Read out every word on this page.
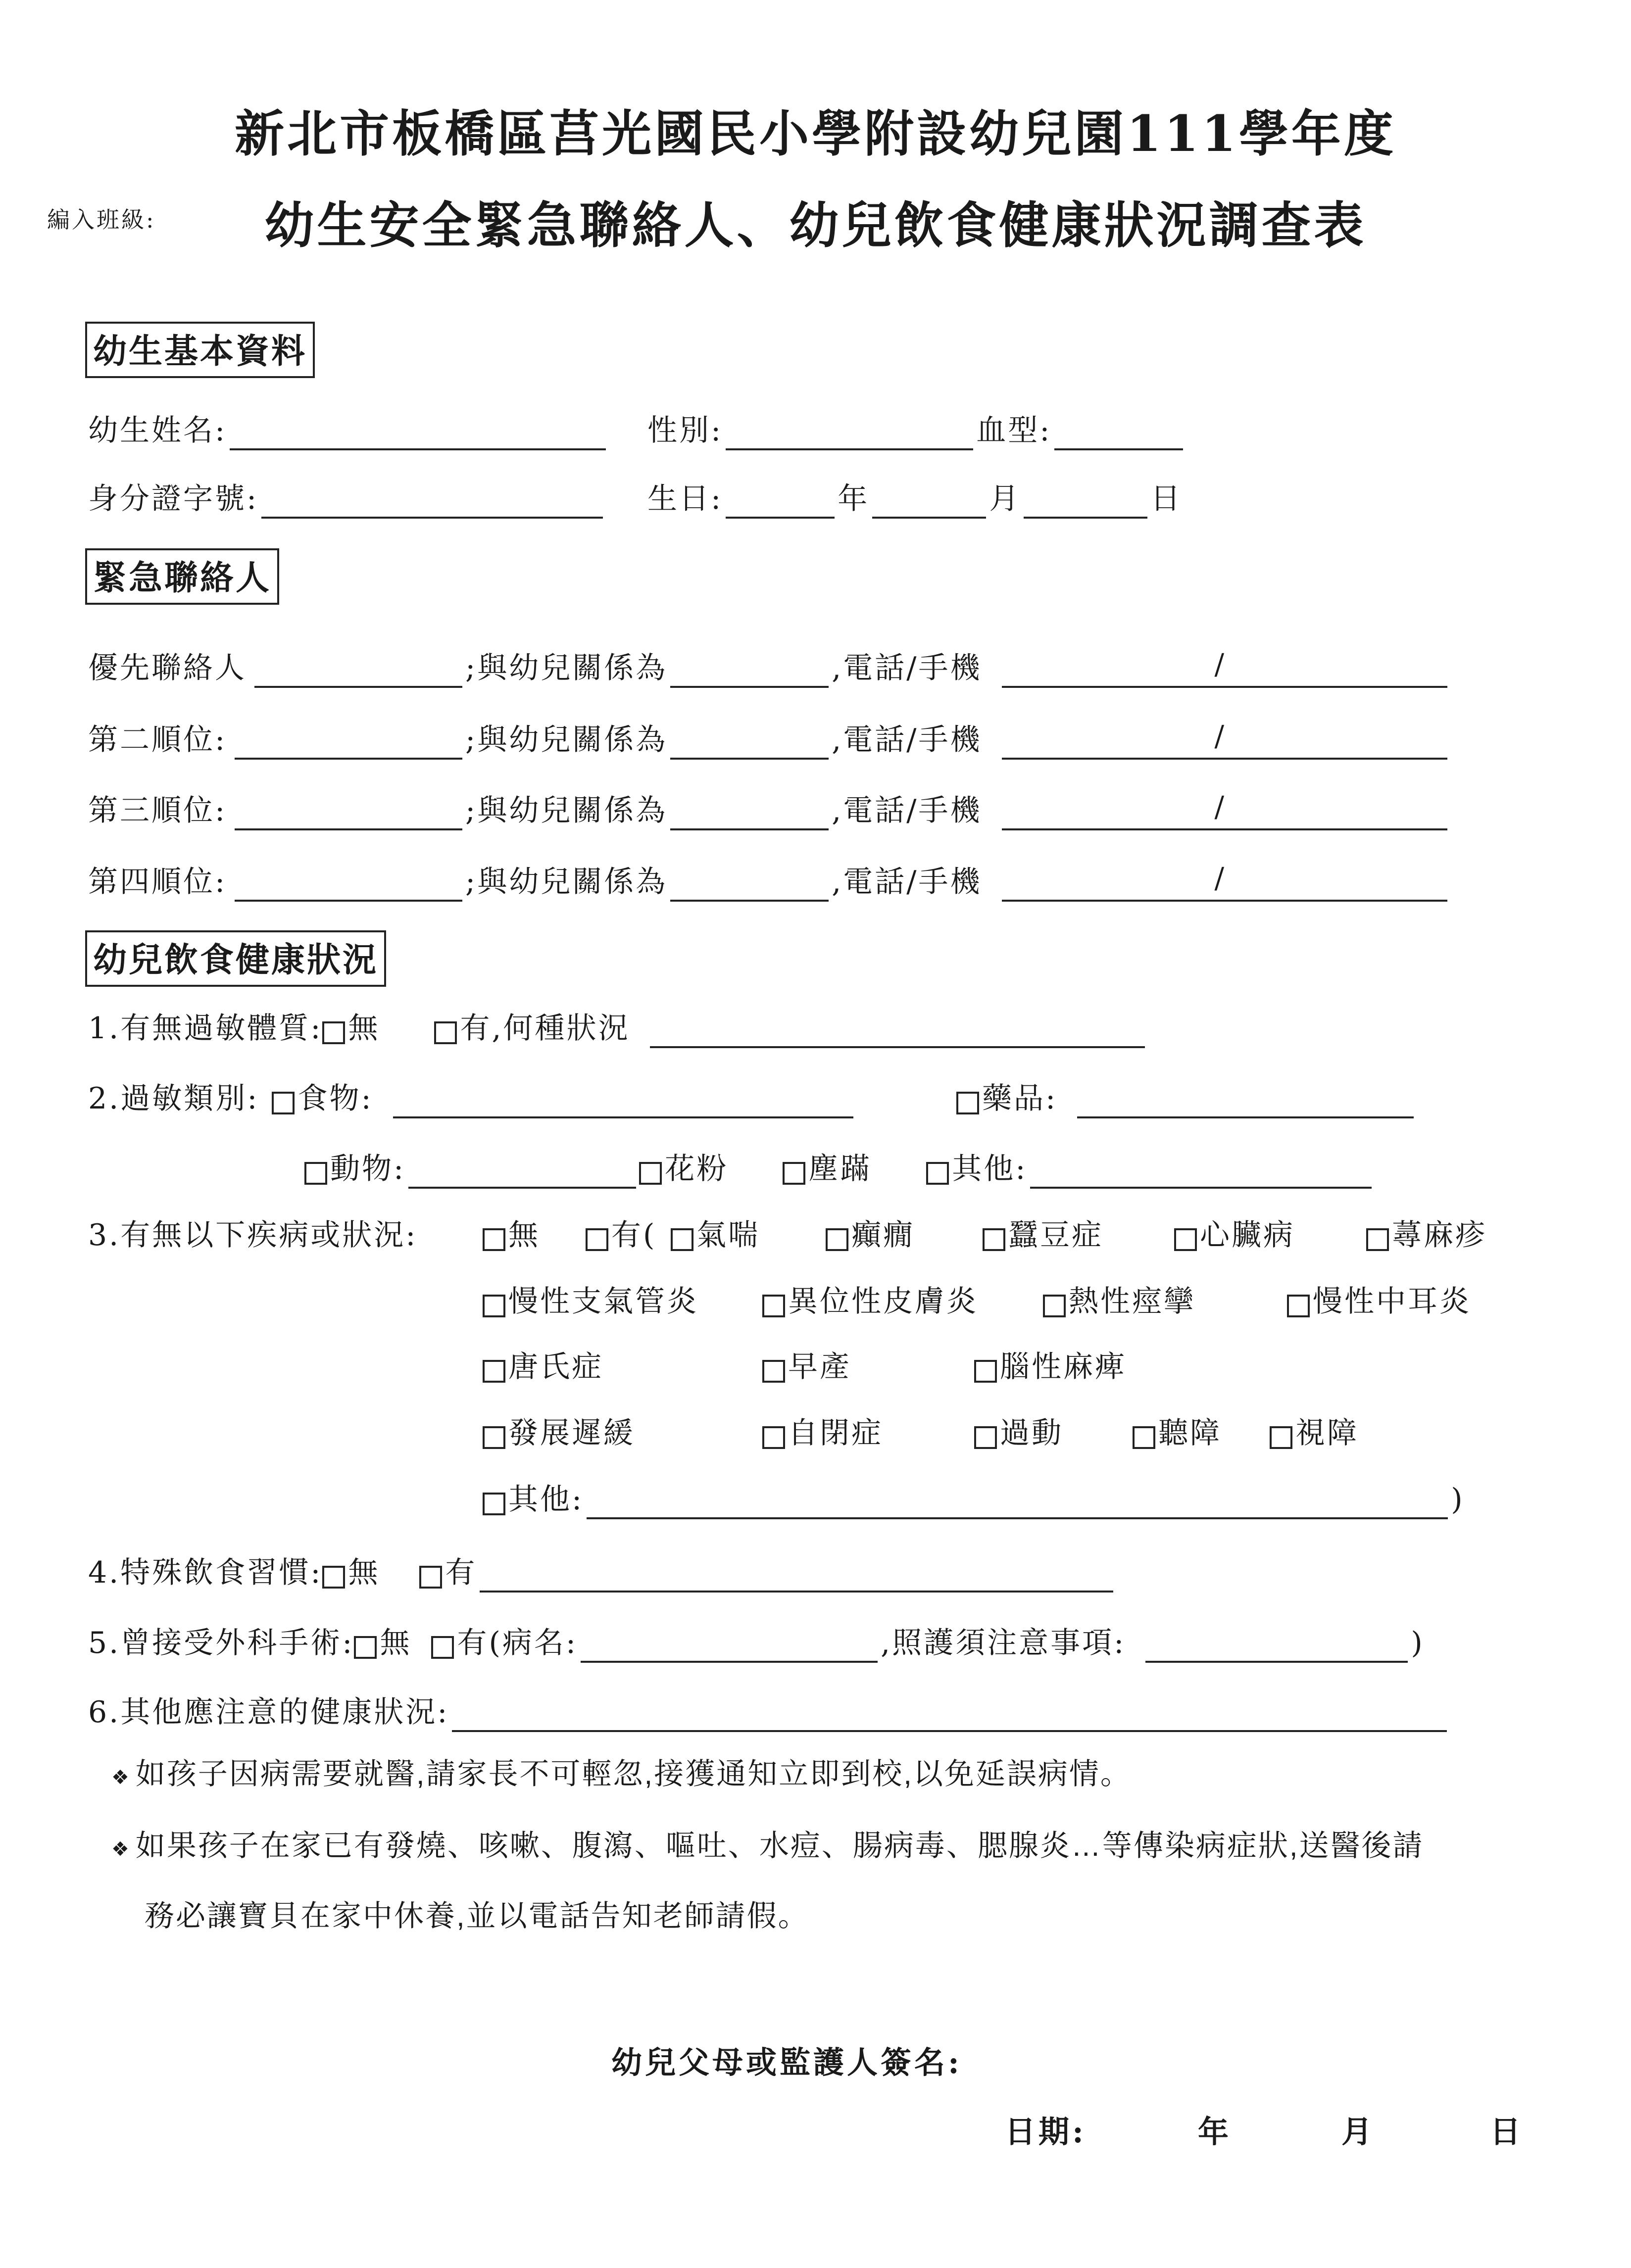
新北市板橋區莒光國民小學附設幼兒園111學年度
編入班級:	幼生安全緊急聯絡人、幼兒飲食健康狀況調查表
幼生基本資料
幼生姓名:	性別:	血型:
身分證字號:	生日:	年	月	日
緊急聯絡人
優先聯絡人	;與幼兒關係為	,電話/手機	/
第二順位:	;與幼兒關係為	,電話/手機	/
第三順位:	;與幼兒關係為	,電話/手機	/
第四順位:	;與幼兒關係為	,電話/手機	/
幼兒飲食健康狀況
1.有無過敏體質: 無	有,何種狀況
2.過敏類別: 食物:	藥品:
動物:	花粉	塵蹣	其他:
3.有無以下疾病或狀況:	無 有( 氣喘	癲癇	蠶豆症	心臟病	蕁麻疹
慢性支氣管炎	異位性皮膚炎	熱性痙攣	慢性中耳炎
唐氏症	早產	腦性麻痺
發展遲緩	自閉症	過動	聽障 視障
其他:	)
4.特殊飲食習慣: 無 有
5.曾接受外科手術: 無 有(病名:	,照護須注意事項:	)
6.其他應注意的健康狀況:
❖ 如孩子因病需要就醫,請家長不可輕忽,接獲通知立即到校,以免延誤病情。
❖ 如果孩子在家已有發燒、咳嗽、腹瀉、嘔吐、水痘、腸病毒、腮腺炎…等傳染病症狀,送醫後請
務必讓寶貝在家中休養,並以電話告知老師請假。
幼兒父母或監護人簽名:
日期:	年	月	日
